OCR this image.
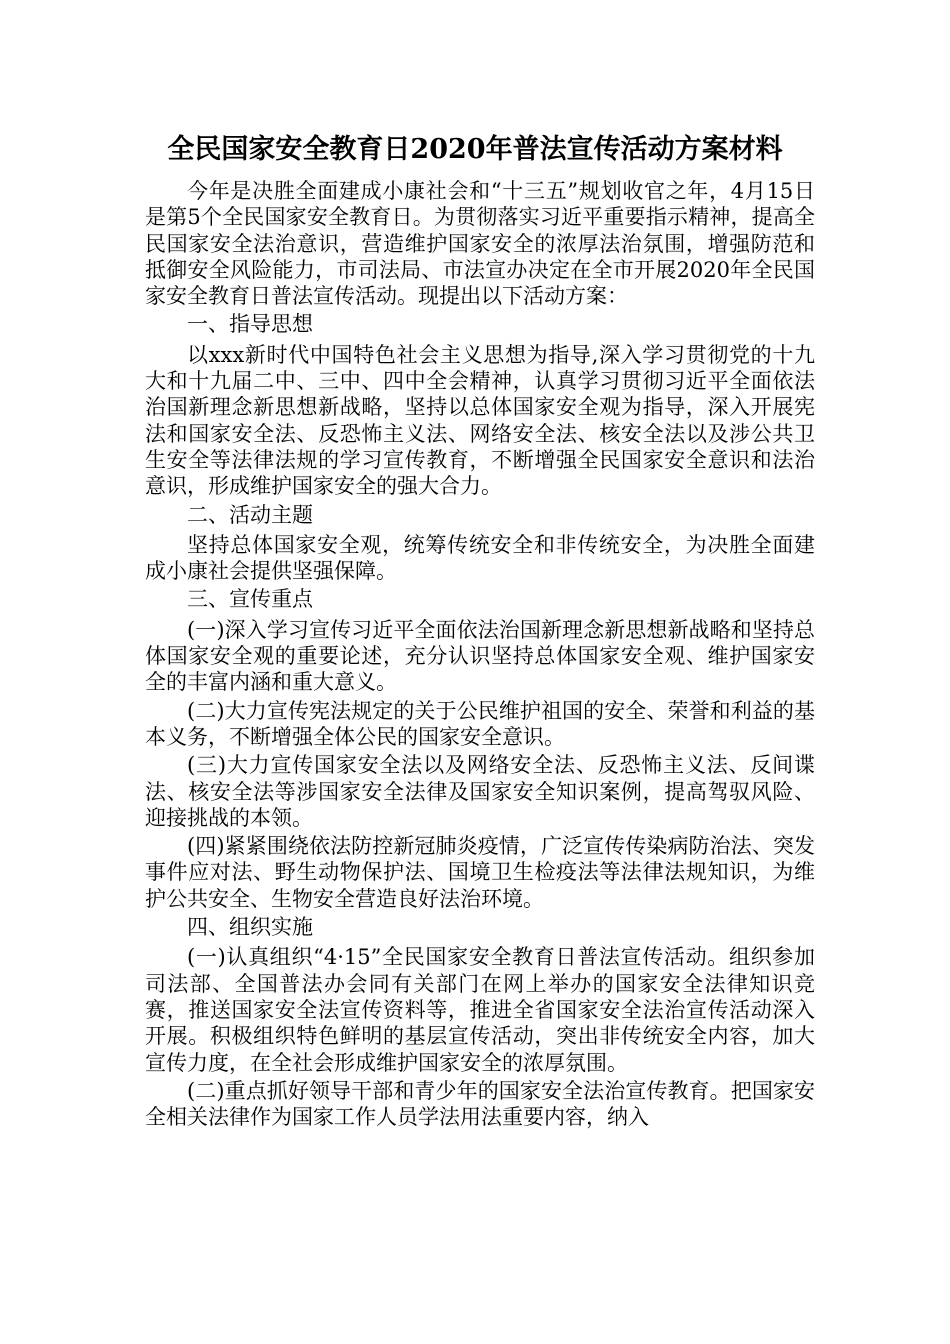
全民国家安全教育日2020年普法宣传活动方案材料

今年是决胜全面建成小康社会和“十三五”规划收官之年，4月15日是第5个全民国家安全教育日。为贯彻落实习近平重要指示精神，提高全民国家安全法治意识，营造维护国家安全的浓厚法治氛围，增强防范和抵御安全风险能力，市司法局、市法宣办决定在全市开展2020年全民国家安全教育日普法宣传活动。现提出以下活动方案：

一、指导思想

以xxx新时代中国特色社会主义思想为指导,深入学习贯彻党的十九大和十九届二中、三中、四中全会精神，认真学习贯彻习近平全面依法治国新理念新思想新战略，坚持以总体国家安全观为指导，深入开展宪法和国家安全法、反恐怖主义法、网络安全法、核安全法以及涉公共卫生安全等法律法规的学习宣传教育，不断增强全民国家安全意识和法治意识，形成维护国家安全的强大合力。

二、活动主题

坚持总体国家安全观，统筹传统安全和非传统安全，为决胜全面建成小康社会提供坚强保障。

三、宣传重点

(一)深入学习宣传习近平全面依法治国新理念新思想新战略和坚持总体国家安全观的重要论述，充分认识坚持总体国家安全观、维护国家安全的丰富内涵和重大意义。

(二)大力宣传宪法规定的关于公民维护祖国的安全、荣誉和利益的基本义务，不断增强全体公民的国家安全意识。

(三)大力宣传国家安全法以及网络安全法、反恐怖主义法、反间谍法、核安全法等涉国家安全法律及国家安全知识案例，提高驾驭风险、迎接挑战的本领。

(四)紧紧围绕依法防控新冠肺炎疫情，广泛宣传传染病防治法、突发事件应对法、野生动物保护法、国境卫生检疫法等法律法规知识，为维护公共安全、生物安全营造良好法治环境。

四、组织实施

(一)认真组织“4·15”全民国家安全教育日普法宣传活动。组织参加司法部、全国普法办会同有关部门在网上举办的国家安全法律知识竞赛，推送国家安全法宣传资料等，推进全省国家安全法治宣传活动深入开展。积极组织特色鲜明的基层宣传活动，突出非传统安全内容，加大宣传力度，在全社会形成维护国家安全的浓厚氛围。

(二)重点抓好领导干部和青少年的国家安全法治宣传教育。把国家安全相关法律作为国家工作人员学法用法重要内容，纳入
